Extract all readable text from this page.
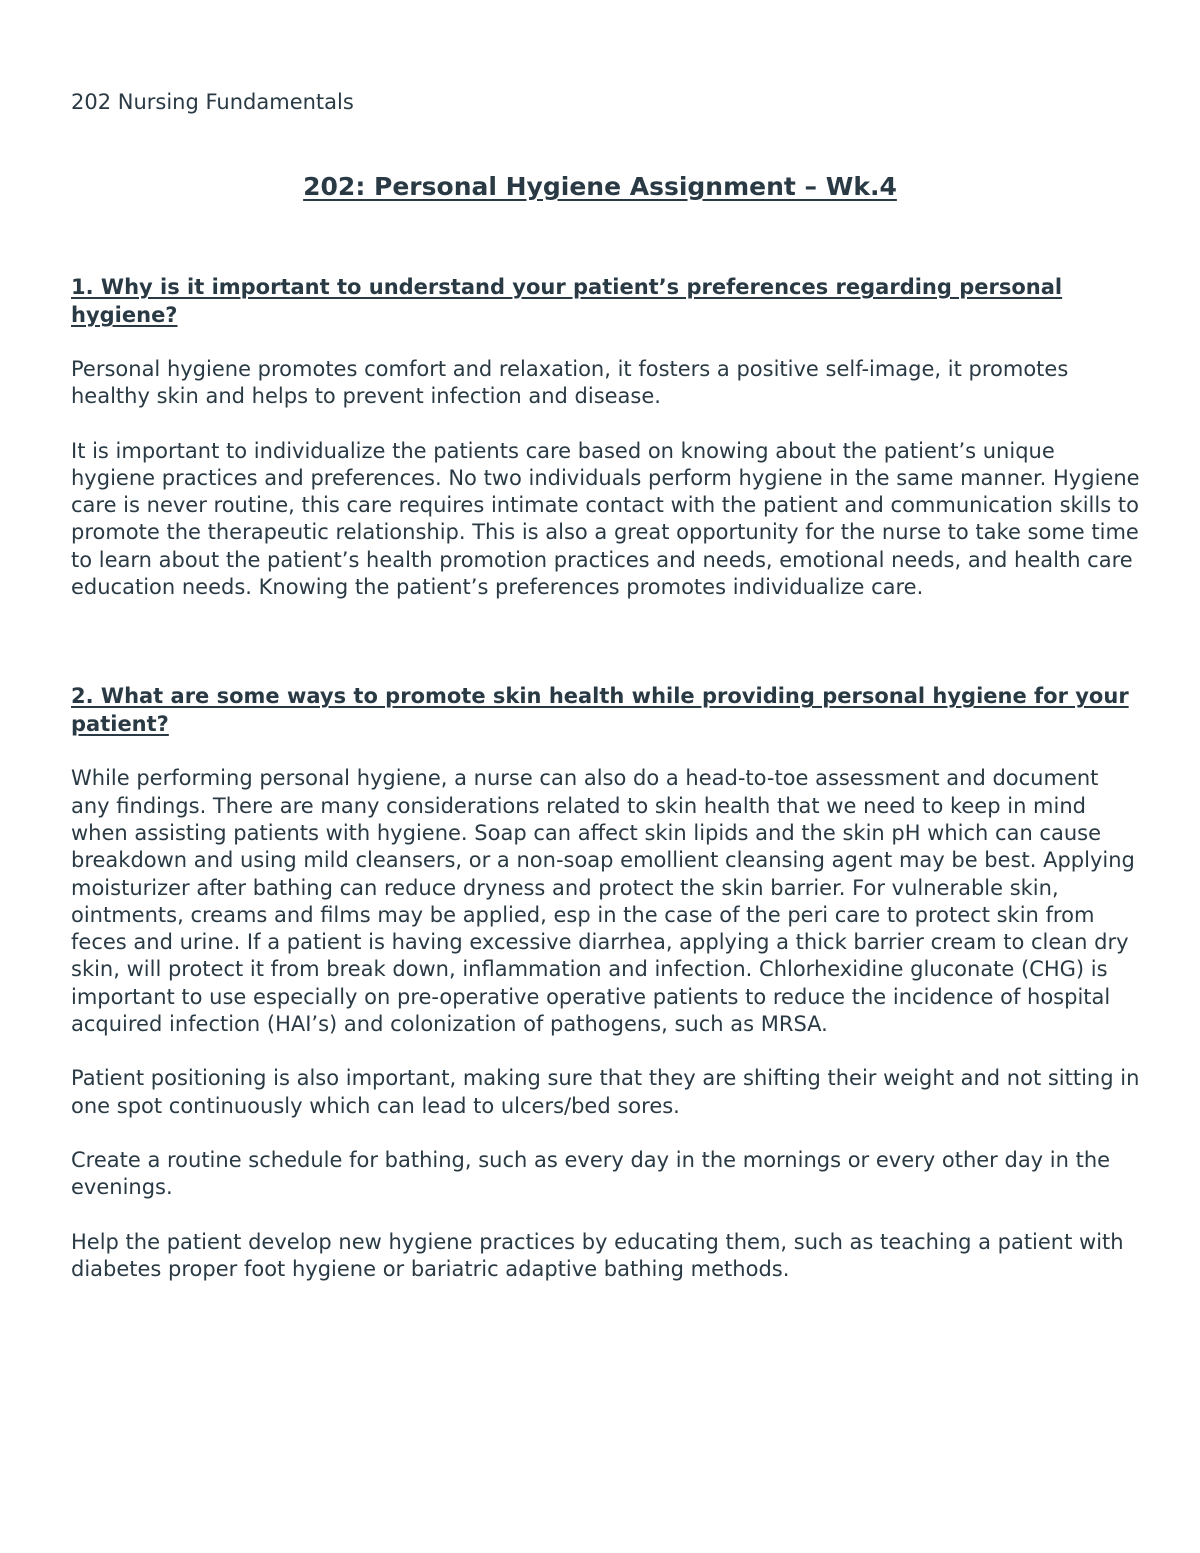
202 Nursing Fundamentals
202: Personal Hygiene Assignment – Wk.4

1. Why is it important to understand your patient’s preferences regarding personal hygiene?

Personal hygiene promotes comfort and relaxation, it fosters a positive self-image, it promotes healthy skin and helps to prevent infection and disease.

It is important to individualize the patients care based on knowing about the patient’s unique hygiene practices and preferences. No two individuals perform hygiene in the same manner. Hygiene care is never routine, this care requires intimate contact with the patient and communication skills to promote the therapeutic relationship. This is also a great opportunity for the nurse to take some time to learn about the patient’s health promotion practices and needs, emotional needs, and health care education needs. Knowing the patient’s preferences promotes individualize care.

2. What are some ways to promote skin health while providing personal hygiene for your patient?

While performing personal hygiene, a nurse can also do a head-to-toe assessment and document any findings. There are many considerations related to skin health that we need to keep in mind when assisting patients with hygiene. Soap can affect skin lipids and the skin pH which can cause breakdown and using mild cleansers, or a non-soap emollient cleansing agent may be best. Applying moisturizer after bathing can reduce dryness and protect the skin barrier. For vulnerable skin, ointments, creams and films may be applied, esp in the case of the peri care to protect skin from feces and urine. If a patient is having excessive diarrhea, applying a thick barrier cream to clean dry skin, will protect it from break down, inflammation and infection. Chlorhexidine gluconate (CHG) is important to use especially on pre-operative operative patients to reduce the incidence of hospital acquired infection (HAI’s) and colonization of pathogens, such as MRSA.

Patient positioning is also important, making sure that they are shifting their weight and not sitting in one spot continuously which can lead to ulcers/bed sores.

Create a routine schedule for bathing, such as every day in the mornings or every other day in the evenings.

Help the patient develop new hygiene practices by educating them, such as teaching a patient with diabetes proper foot hygiene or bariatric adaptive bathing methods.
